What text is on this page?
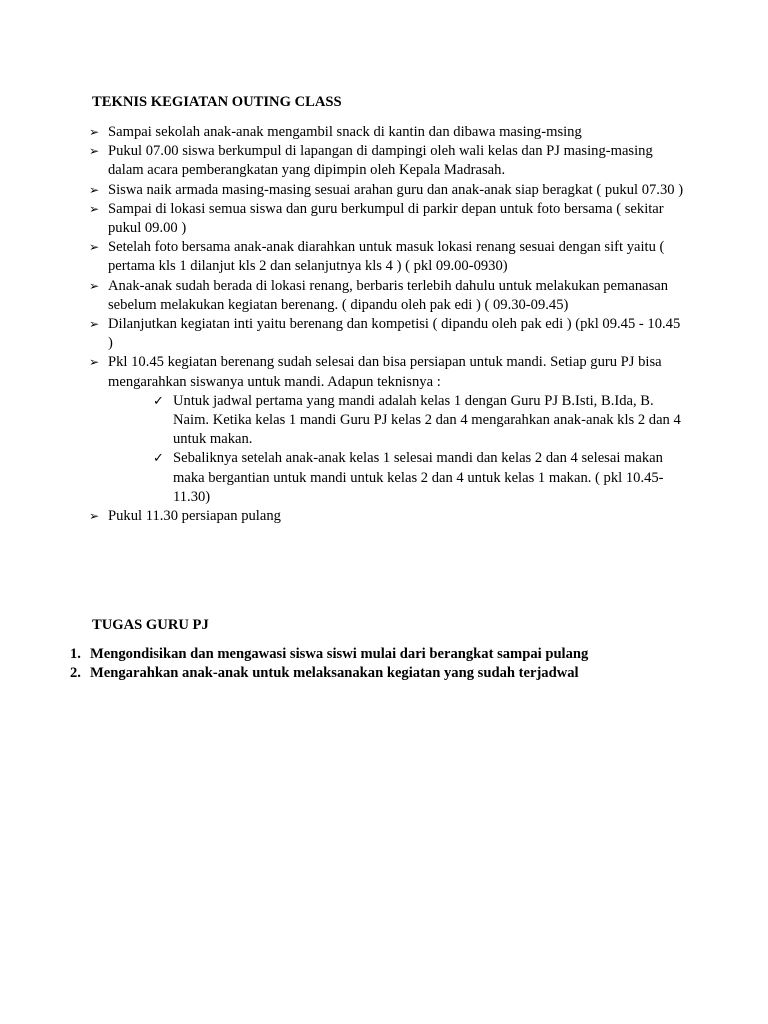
TEKNIS KEGIATAN OUTING CLASS
➢ Sampai sekolah anak-anak mengambil snack di kantin dan dibawa masing-msing
➢ Pukul 07.00 siswa berkumpul di lapangan di dampingi oleh wali kelas dan PJ masing-masing dalam acara pemberangkatan yang dipimpin oleh Kepala Madrasah.
➢ Siswa naik armada masing-masing sesuai arahan guru dan anak-anak siap beragkat ( pukul 07.30 )
➢ Sampai di lokasi semua siswa dan guru berkumpul di parkir depan untuk foto bersama ( sekitar pukul 09.00 )
➢ Setelah foto bersama anak-anak diarahkan untuk masuk lokasi renang sesuai dengan sift yaitu ( pertama kls 1 dilanjut kls 2 dan selanjutnya kls 4 ) ( pkl 09.00-0930)
➢ Anak-anak sudah berada di lokasi renang, berbaris terlebih dahulu untuk melakukan pemanasan sebelum melakukan kegiatan berenang. ( dipandu oleh pak edi ) ( 09.30-09.45)
➢ Dilanjutkan kegiatan inti yaitu berenang dan kompetisi ( dipandu oleh pak edi ) (pkl 09.45 - 10.45 )
➢ Pkl 10.45 kegiatan berenang sudah selesai dan bisa persiapan untuk mandi. Setiap guru PJ bisa mengarahkan siswanya untuk mandi. Adapun teknisnya :
✓ Untuk jadwal pertama yang mandi adalah kelas 1 dengan Guru PJ B.Isti, B.Ida, B. Naim. Ketika kelas 1 mandi Guru PJ kelas 2 dan 4 mengarahkan anak-anak kls 2 dan 4 untuk makan.
✓ Sebaliknya setelah anak-anak kelas 1 selesai mandi dan kelas 2 dan 4 selesai makan maka bergantian untuk mandi untuk kelas 2 dan 4 untuk kelas 1 makan. ( pkl 10.45-11.30)
➢ Pukul 11.30 persiapan pulang
TUGAS GURU PJ
1. Mengondisikan dan mengawasi siswa siswi mulai dari berangkat sampai pulang
2. Mengarahkan anak-anak untuk melaksanakan kegiatan yang sudah terjadwal
